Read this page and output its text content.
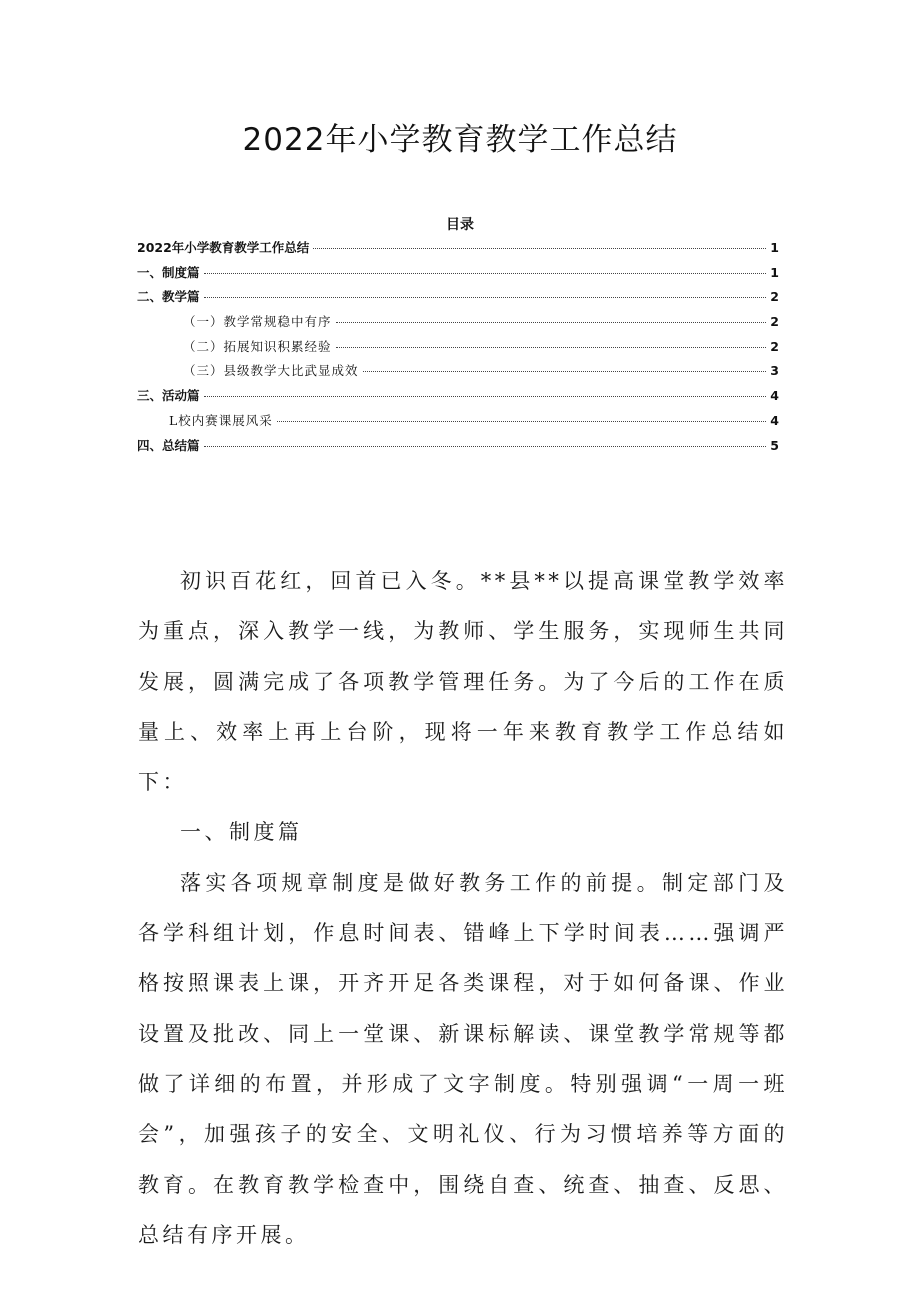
2022年小学教育教学工作总结
目录
2022年小学教育教学工作总结	1
一、制度篇	1
二、教学篇	2
（一）教学常规稳中有序	2
（二）拓展知识积累经验	2
（三）县级教学大比武显成效	3
三、活动篇	4
L校内赛课展风采	4
四、总结篇	5

初识百花红，回首已入冬。**县**以提高课堂教学效率为重点，深入教学一线，为教师、学生服务，实现师生共同发展，圆满完成了各项教学管理任务。为了今后的工作在质量上、效率上再上台阶，现将一年来教育教学工作总结如下：

一、制度篇

落实各项规章制度是做好教务工作的前提。制定部门及各学科组计划，作息时间表、错峰上下学时间表……强调严格按照课表上课，开齐开足各类课程，对于如何备课、作业设置及批改、同上一堂课、新课标解读、课堂教学常规等都做了详细的布置，并形成了文字制度。特别强调“一周一班会”，加强孩子的安全、文明礼仪、行为习惯培养等方面的教育。在教育教学检查中，围绕自查、统查、抽查、反思、总结有序开展。
